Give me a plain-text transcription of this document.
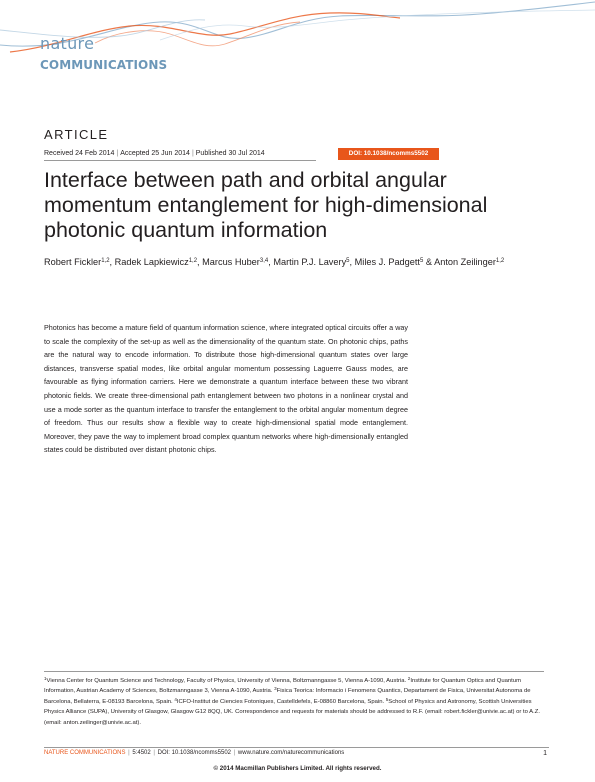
nature
COMMUNICATIONS
ARTICLE
Received 24 Feb 2014 | Accepted 25 Jun 2014 | Published 30 Jul 2014	DOI: 10.1038/ncomms5502
Interface between path and orbital angular momentum entanglement for high-dimensional photonic quantum information

Robert Fickler$^{1,2}$, Radek Lapkiewicz$^{1,2}$, Marcus Huber$^{3,4}$, Martin P.J. Lavery$^5$, Miles J. Padgett$^5$ & Anton Zeilinger$^{1,2}$

Photonics has become a mature field of quantum information science, where integrated optical circuits offer a way to scale the complexity of the set-up as well as the dimensionality of the quantum state. On photonic chips, paths are the natural way to encode information. To distribute those high-dimensional quantum states over large distances, transverse spatial modes, like orbital angular momentum possessing Laguerre Gauss modes, are favourable as flying information carriers. Here we demonstrate a quantum interface between these two vibrant photonic fields. We create three-dimensional path entanglement between two photons in a nonlinear crystal and use a mode sorter as the quantum interface to transfer the entanglement to the orbital angular momentum degree of freedom. Thus our results show a flexible way to create high-dimensional spatial mode entanglement. Moreover, they pave the way to implement broad complex quantum networks where high-dimensionally entangled states could be distributed over distant photonic chips.

$^1$Vienna Center for Quantum Science and Technology, Faculty of Physics, University of Vienna, Boltzmanngasse 5, Vienna A-1090, Austria. $^2$Institute for Quantum Optics and Quantum Information, Austrian Academy of Sciences, Boltzmanngasse 3, Vienna A-1090, Austria. $^3$Fisica Teorica: Informacio i Fenomens Quantics, Departament de Fisica, Universitat Autonoma de Barcelona, Bellaterra, E-08193 Barcelona, Spain. $^4$ICFO-Institut de Ciencies Fotoniques, Castelldefels, E-08860 Barcelona, Spain. $^5$School of Physics and Astronomy, Scottish Universities Physics Alliance (SUPA), University of Glasgow, Glasgow G12 8QQ, UK. Correspondence and requests for materials should be addressed to R.F. (email: robert.fickler@univie.ac.at) or to A.Z. (email: anton.zeilinger@univie.ac.at).

NATURE COMMUNICATIONS | 5:4502 | DOI: 10.1038/ncomms5502 | www.nature.com/naturecommunications	1
© 2014 Macmillan Publishers Limited. All rights reserved.
